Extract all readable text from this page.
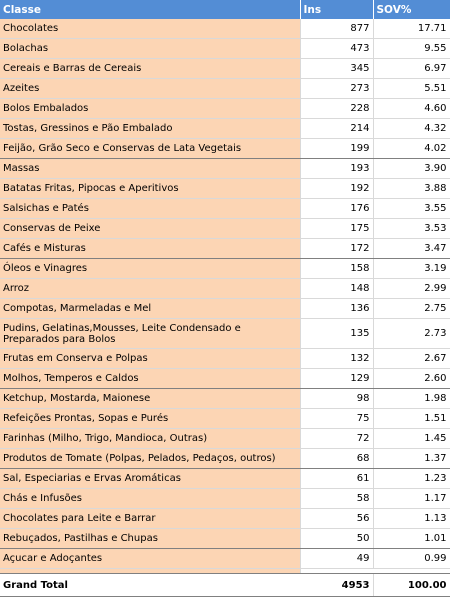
Classe	Ins	SOV%
Chocolates	877	17.71
Bolachas	473	9.55
Cereais e Barras de Cereais	345	6.97
Azeites	273	5.51
Bolos Embalados	228	4.60
Tostas, Gressinos e Pão Embalado	214	4.32
Feijão, Grão Seco e Conservas de Lata Vegetais	199	4.02
Massas	193	3.90
Batatas Fritas, Pipocas e Aperitivos	192	3.88
Salsichas e Patés	176	3.55
Conservas de Peixe	175	3.53
Cafés e Misturas	172	3.47
Óleos e Vinagres	158	3.19
Arroz	148	2.99
Compotas, Marmeladas e Mel	136	2.75
Pudins, Gelatinas,Mousses, Leite Condensado e Preparados para Bolos	135	2.73
Frutas em Conserva e Polpas	132	2.67
Molhos, Temperos e Caldos	129	2.60
Ketchup, Mostarda, Maionese	98	1.98
Refeições Prontas, Sopas e Purés	75	1.51
Farinhas (Milho, Trigo, Mandioca, Outras)	72	1.45
Produtos de Tomate (Polpas, Pelados, Pedaços, outros)	68	1.37
Sal, Especiarias e Ervas Aromáticas	61	1.23
Chás e Infusões	58	1.17
Chocolates para Leite e Barrar	56	1.13
Rebuçados, Pastilhas e Chupas	50	1.01
Açucar e Adoçantes	49	0.99

Grand Total	4953	100.00
